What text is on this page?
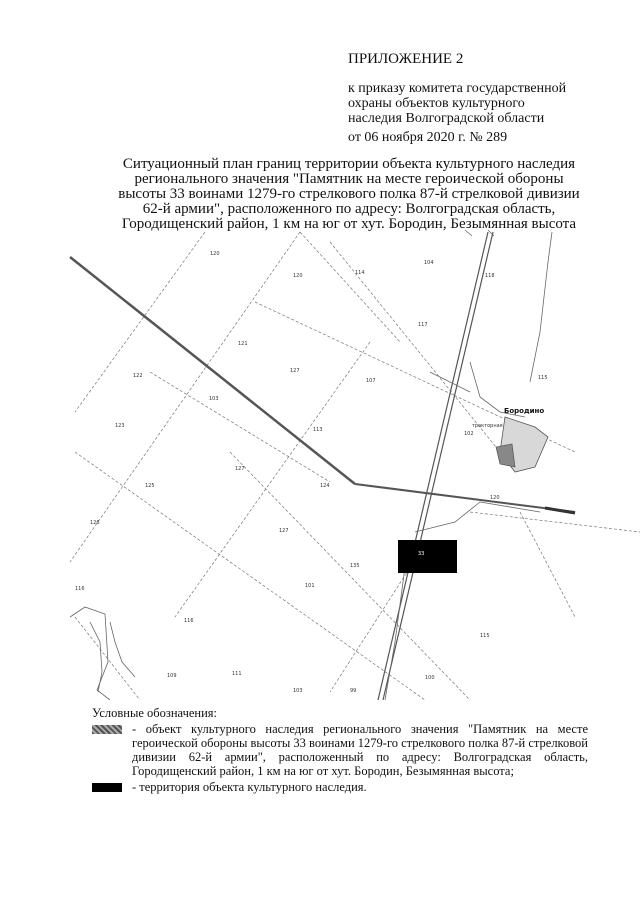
ПРИЛОЖЕНИЕ 2
к приказу комитета государственной
охраны объектов культурного
наследия Волгоградской области
от 06 ноября 2020 г. № 289
Ситуационный план границ территории объекта культурного наследия
регионального значения "Памятник на месте героической обороны
высоты 33 воинами 1279-го стрелкового полка 87-й стрелковой дивизии
62-й армии", расположенного по адресу: Волгоградская область,
Городищенский район, 1 км на юг от хут. Бородин, Безымянная высота
Бородино
33
120
120	114
104
118
117
121
122
127
103
107	115
123
113
125
127
124
120
126
127
135
101
116
116
115
111
109
103
100
99
102
тракторная
Условные обозначения:
- объект культурного наследия регионального значения "Памятник на месте героической обороны высоты 33 воинами 1279-го стрелкового полка 87-й стрелковой дивизии 62-й армии", расположенный по адресу: Волгоградская область, Городищенский район, 1 км на юг от хут. Бородин, Безымянная высота;
- территория объекта культурного наследия.
